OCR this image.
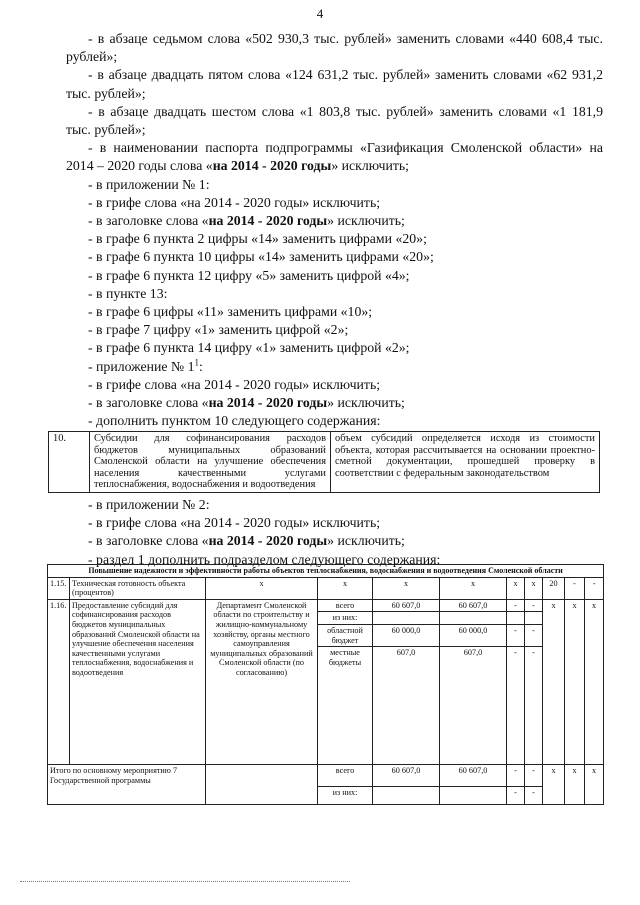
4

- в абзаце седьмом слова «502 930,3 тыс. рублей» заменить словами «440 608,4 тыс. рублей»;

- в абзаце двадцать пятом слова «124 631,2 тыс. рублей» заменить словами «62 931,2 тыс. рублей»;

- в абзаце двадцать шестом слова «1 803,8 тыс. рублей» заменить словами «1 181,9 тыс. рублей»;

- в наименовании паспорта подпрограммы «Газификация Смоленской области» на 2014 – 2020 годы слова «на 2014 - 2020 годы» исключить;

- в приложении № 1:

- в грифе слова «на 2014 - 2020 годы» исключить;

- в заголовке слова «на 2014 - 2020 годы» исключить;

- в графе 6 пункта 2 цифры «14» заменить цифрами «20»;

- в графе 6 пункта 10 цифры «14» заменить цифрами «20»;

- в графе 6 пункта 12 цифру «5» заменить цифрой «4»;

- в пункте 13:

- в графе 6 цифры «11» заменить цифрами «10»;

- в графе 7 цифру «1» заменить цифрой «2»;

- в графе 6 пункта 14 цифру «1» заменить цифрой «2»;

- приложение № $1^1$:

- в грифе слова «на 2014 - 2020 годы» исключить;

- в заголовке слова «на 2014 - 2020 годы» исключить;

- дополнить пунктом 10 следующего содержания:

10.	Субсидии для софинансирования расходов бюджетов муниципальных образований Смоленской области на улучшение обеспечения населения качественными услугами теплоснабжения, водоснабжения и водоотведения	объем субсидий определяется исходя из стоимости объекта, которая рассчитывается на основании проектно-сметной документации, прошедшей проверку в соответствии с федеральным законодательством

- в приложении № 2:

- в грифе слова «на 2014 - 2020 годы» исключить;

- в заголовке слова «на 2014 - 2020 годы» исключить;

- раздел 1 дополнить подразделом следующего содержания:

Повышение надежности и эффективности работы объектов теплоснабжения, водоснабжения и водоотведения Смоленской области										
1.15.	Техническая готовность объекта (процентов)	х	х	х	х	х	х	20	-	-
1.16.	Предоставление субсидий для софинансирования расходов бюджетов муниципальных образований Смоленской области на улучшение обеспечения населения качественными услугами теплоснабжения, водоснабжения и водоотведения	Департамент Смоленской области по строительству и жилищно-коммунальному хозяйству, органы местного самоуправления муниципальных образований Смоленской области (по согласованию)	всего	60 607,0	60 607,0	-	-	х	х	х
			из них:							
			областной бюджет	60 000,0	60 000,0	-	-			
			местные бюджеты	607,0	607,0	-	-			
Итого по основному мероприятию 7 Государственной программы			всего	60 607,0	60 607,0	-	-	х	х	х
			из них:			-	-			
